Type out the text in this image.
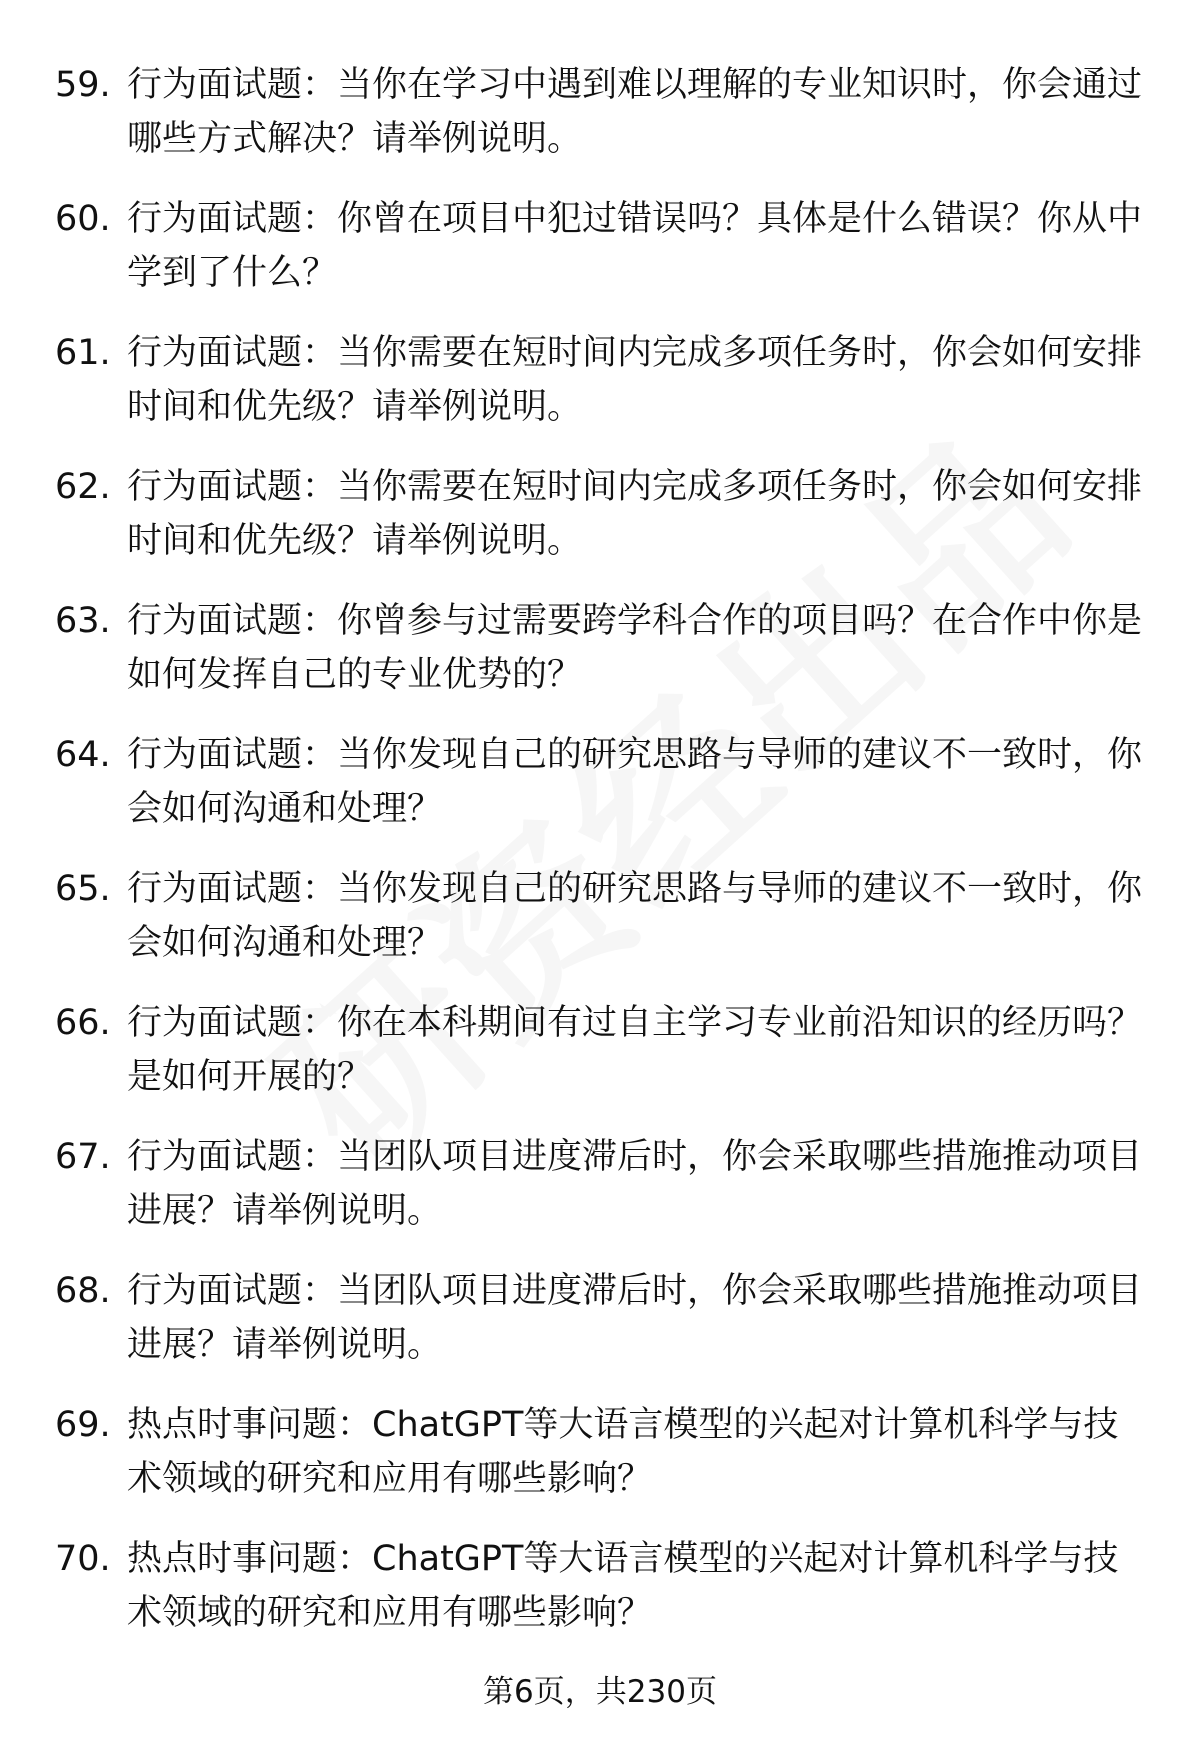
59. 行为面试题：当你在学习中遇到难以理解的专业知识时，你会通过哪些方式解决？请举例说明。
60. 行为面试题：你曾在项目中犯过错误吗？具体是什么错误？你从中学到了什么？
61. 行为面试题：当你需要在短时间内完成多项任务时，你会如何安排时间和优先级？请举例说明。
62. 行为面试题：当你需要在短时间内完成多项任务时，你会如何安排时间和优先级？请举例说明。
63. 行为面试题：你曾参与过需要跨学科合作的项目吗？在合作中你是如何发挥自己的专业优势的？
64. 行为面试题：当你发现自己的研究思路与导师的建议不一致时，你会如何沟通和处理？
65. 行为面试题：当你发现自己的研究思路与导师的建议不一致时，你会如何沟通和处理？
66. 行为面试题：你在本科期间有过自主学习专业前沿知识的经历吗？是如何开展的？
67. 行为面试题：当团队项目进度滞后时，你会采取哪些措施推动项目进展？请举例说明。
68. 行为面试题：当团队项目进度滞后时，你会采取哪些措施推动项目进展？请举例说明。
69. 热点时事问题：ChatGPT等大语言模型的兴起对计算机科学与技术领域的研究和应用有哪些影响？
70. 热点时事问题：ChatGPT等大语言模型的兴起对计算机科学与技术领域的研究和应用有哪些影响？
第6页，共230页
